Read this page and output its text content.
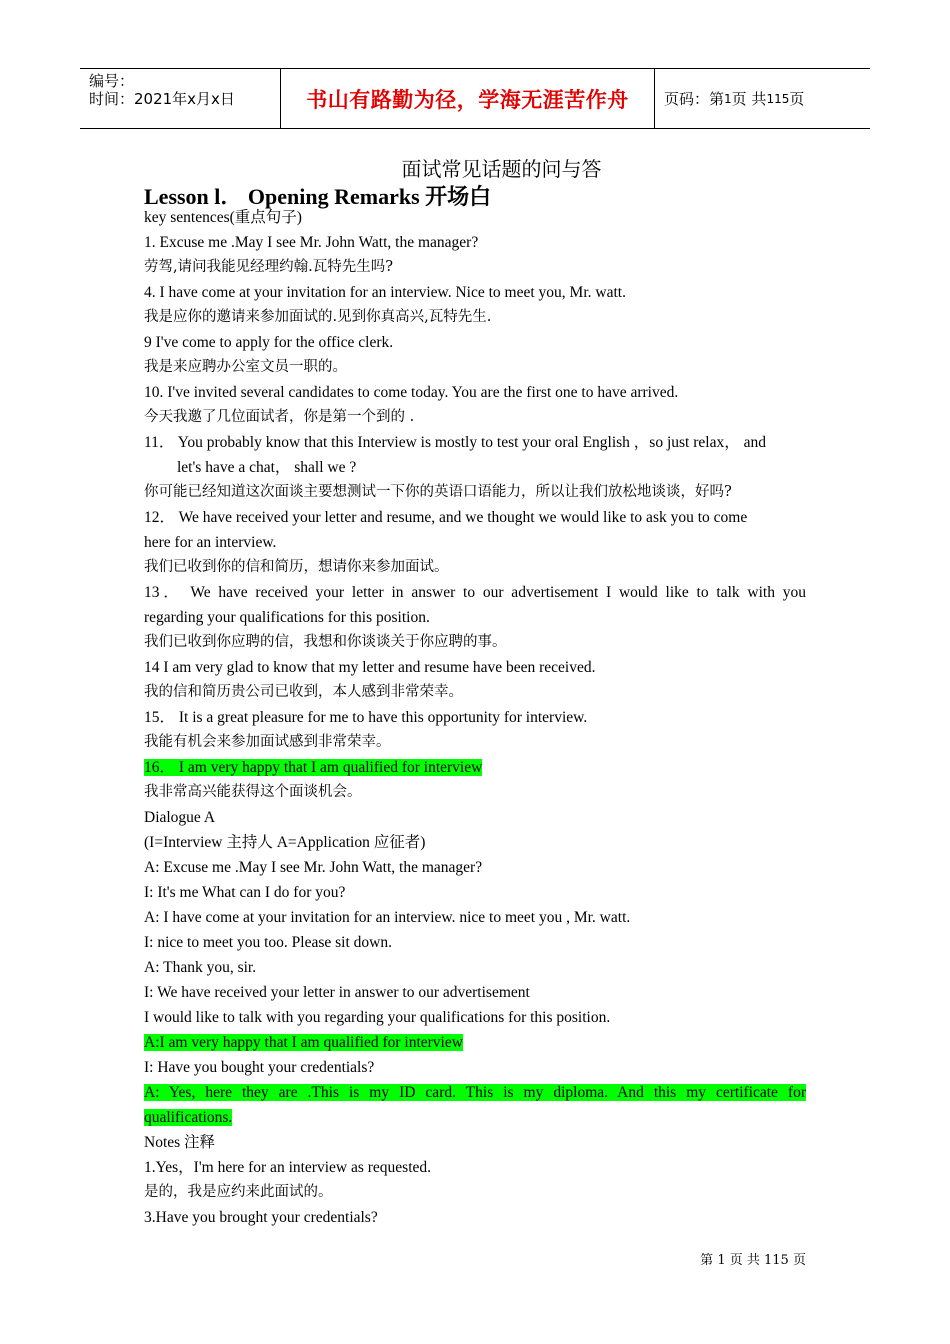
编号：
时间：2021年x月x日	书山有路勤为径，学海无涯苦作舟 页码：第 1 页 共 115 页
面试常见话题的问与答
Lesson l． Opening Remarks 开场白
key sentences(重点句子)
1. Excuse me .May I see Mr. John Watt, the manager?
劳驾,请问我能见经理约翰.瓦特先生吗?
4. I have come at your invitation for an interview. Nice to meet you, Mr. watt.
我是应你的邀请来参加面试的.见到你真高兴,瓦特先生.
9 I've come to apply for the office clerk.
我是来应聘办公室文员一职的。
10. I've invited several candidates to come today. You are the first one to have arrived.
今天我邀了几位面试者，你是第一个到的 .
11． You probably know that this Interview is mostly to test your oral English ，so just relax， and
let's have a chat， shall we ?
你可能已经知道这次面谈主要想测试一下你的英语口语能力，所以让我们放松地谈谈，好吗?
12． We have received your letter and resume, and we thought we would like to ask you to come
here for an interview.
我们已收到你的信和简历，想请你来参加面试。
13． We have received your letter in answer to our advertisement I would like to talk with you
regarding your qualifications for this position.
我们已收到你应聘的信，我想和你谈谈关于你应聘的事。
14 I am very glad to know that my letter and resume have been received.
我的信和简历贵公司已收到，本人感到非常荣幸。
15． It is a great pleasure for me to have this opportunity for interview.
我能有机会来参加面试感到非常荣幸。
16． I am very happy that I am qualified for interview
我非常高兴能获得这个面谈机会。
Dialogue A
(I=Interview 主持人 A=Application 应征者)
A: Excuse me .May I see Mr. John Watt, the manager?
I: It's me What can I do for you?
A: I have come at your invitation for an interview. nice to meet you , Mr. watt.
I: nice to meet you too. Please sit down.
A: Thank you, sir.
I: We have received your letter in answer to our advertisement
I would like to talk with you regarding your qualifications for this position.
A:I am very happy that I am qualified for interview
I: Have you bought your credentials?
A: Yes, here they are .This is my ID card. This is my diploma. And this my certificate for
qualifications.
Notes 注释
1.Yes，I'm here for an interview as requested.
是的，我是应约来此面试的。
3.Have you brought your credentials?
第 1 页 共 115 页
